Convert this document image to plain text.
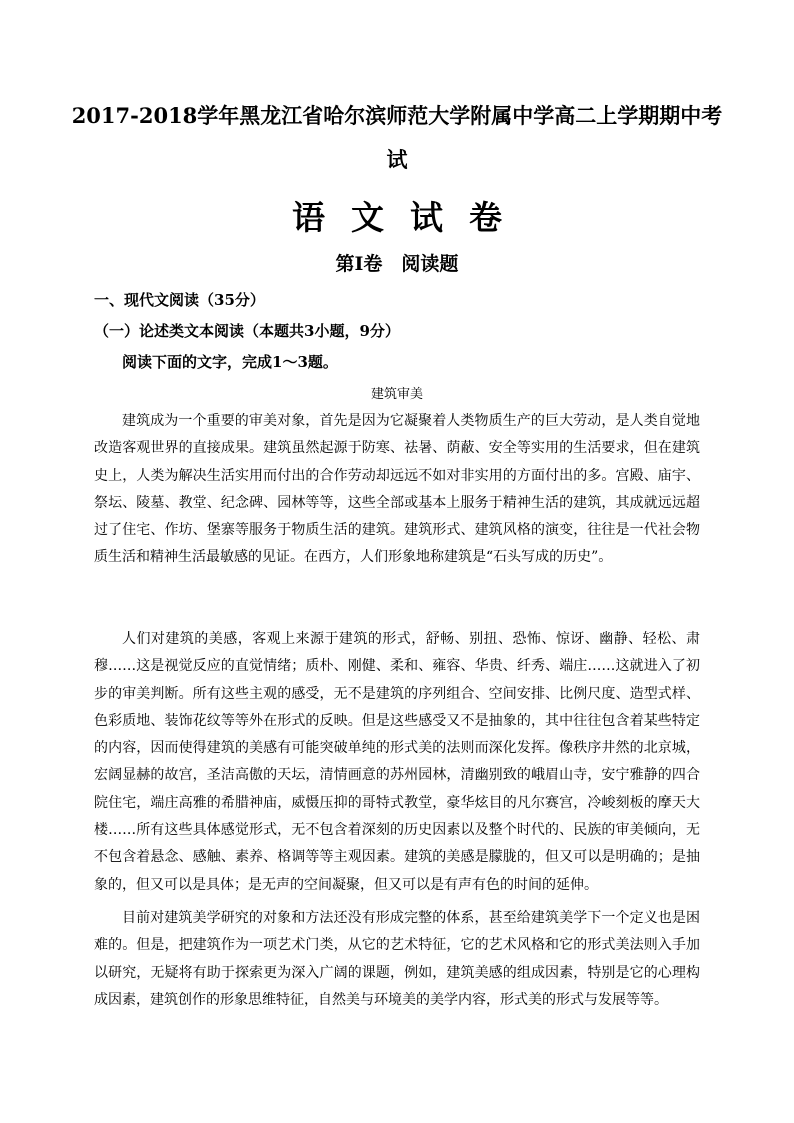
2017-2018学年黑龙江省哈尔滨师范大学附属中学高二上学期期中考
试
语文试卷
第Ⅰ卷　阅读题
一、现代文阅读（35分）
（一）论述类文本阅读（本题共3小题，9分）
阅读下面的文字，完成1～3题。
建筑审美
建筑成为一个重要的审美对象，首先是因为它凝聚着人类物质生产的巨大劳动，是人类自觉地改造客观世界的直接成果。建筑虽然起源于防寒、祛暑、荫蔽、安全等实用的生活要求，但在建筑史上，人类为解决生活实用而付出的合作劳动却远远不如对非实用的方面付出的多。宫殿、庙宇、祭坛、陵墓、教堂、纪念碑、园林等等，这些全部或基本上服务于精神生活的建筑，其成就远远超过了住宅、作坊、堡寨等服务于物质生活的建筑。建筑形式、建筑风格的演变，往往是一代社会物质生活和精神生活最敏感的见证。在西方，人们形象地称建筑是“石头写成的历史”。
人们对建筑的美感，客观上来源于建筑的形式，舒畅、别扭、恐怖、惊讶、幽静、轻松、肃穆……这是视觉反应的直觉情绪；质朴、刚健、柔和、雍容、华贵、纤秀、端庄……这就进入了初步的审美判断。所有这些主观的感受，无不是建筑的序列组合、空间安排、比例尺度、造型式样、色彩质地、装饰花纹等等外在形式的反映。但是这些感受又不是抽象的，其中往往包含着某些特定的内容，因而使得建筑的美感有可能突破单纯的形式美的法则而深化发挥。像秩序井然的北京城，宏阔显赫的故宫，圣洁高傲的天坛，清情画意的苏州园林，清幽别致的峨眉山寺，安宁雅静的四合院住宅，端庄高雅的希腊神庙，威慑压抑的哥特式教堂，豪华炫目的凡尔赛宫，冷峻刻板的摩天大楼……所有这些具体感觉形式，无不包含着深刻的历史因素以及整个时代的、民族的审美倾向，无不包含着悬念、感触、素养、格调等等主观因素。建筑的美感是朦胧的，但又可以是明确的；是抽象的，但又可以是具体；是无声的空间凝聚，但又可以是有声有色的时间的延伸。
目前对建筑美学研究的对象和方法还没有形成完整的体系，甚至给建筑美学下一个定义也是困难的。但是，把建筑作为一项艺术门类，从它的艺术特征，它的艺术风格和它的形式美法则入手加以研究，无疑将有助于探索更为深入广阔的课题，例如，建筑美感的组成因素，特别是它的心理构成因素，建筑创作的形象思维特征，自然美与环境美的美学内容，形式美的形式与发展等等。
